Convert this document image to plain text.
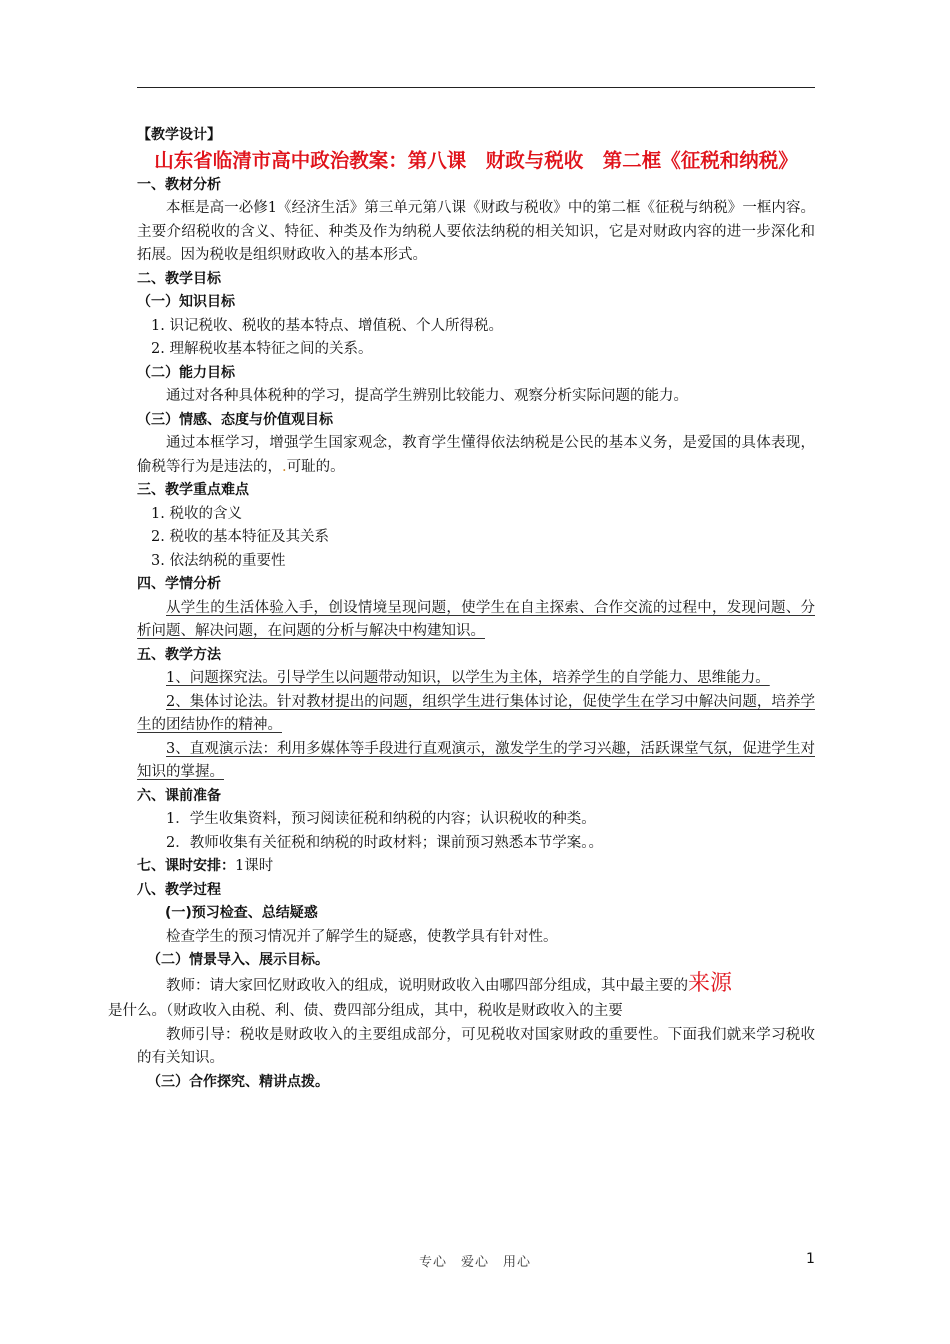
【教学设计】
山东省临清市高中政治教案：第八课　财政与税收　第二框《征税和纳税》
一、教材分析
本框是高一必修1《经济生活》第三单元第八课《财政与税收》中的第二框《征税与纳税》一框内容。主要介绍税收的含义、特征、种类及作为纳税人要依法纳税的相关知识，它是对财政内容的进一步深化和拓展。因为税收是组织财政收入的基本形式。
二、教学目标
（一）知识目标
1. 识记税收、税收的基本特点、增值税、个人所得税。
2. 理解税收基本特征之间的关系。
（二）能力目标
通过对各种具体税种的学习，提高学生辨别比较能力、观察分析实际问题的能力。
（三）情感、态度与价值观目标
通过本框学习，增强学生国家观念，教育学生懂得依法纳税是公民的基本义务，是爱国的具体表现，偷税等行为是违法的，.可耻的。
三、教学重点难点
1. 税收的含义
2. 税收的基本特征及其关系
3. 依法纳税的重要性
四、学情分析
从学生的生活体验入手，创设情境呈现问题，使学生在自主探索、合作交流的过程中，发现问题、分析问题、解决问题，在问题的分析与解决中构建知识。
五、教学方法
1、问题探究法。引导学生以问题带动知识，以学生为主体，培养学生的自学能力、思维能力。
2、集体讨论法。针对教材提出的问题，组织学生进行集体讨论，促使学生在学习中解决问题，培养学生的团结协作的精神。
3、直观演示法：利用多媒体等手段进行直观演示，激发学生的学习兴趣，活跃课堂气氛，促进学生对知识的掌握。
六、课前准备
1．学生收集资料，预习阅读征税和纳税的内容；认识税收的种类。
2．教师收集有关征税和纳税的时政材料；课前预习熟悉本节学案。。
七、课时安排：1课时
八、教学过程
(一)预习检查、总结疑惑
检查学生的预习情况并了解学生的疑惑，使教学具有针对性。
（二）情景导入、展示目标。
教师：请大家回忆财政收入的组成，说明财政收入由哪四部分组成，其中最主要的来源
是什么。（财政收入由税、利、债、费四部分组成，其中，税收是财政收入的主要
教师引导：税收是财政收入的主要组成部分，可见税收对国家财政的重要性。下面我们就来学习税收的有关知识。
（三）合作探究、精讲点拨。
专心　爱心　用心	1
